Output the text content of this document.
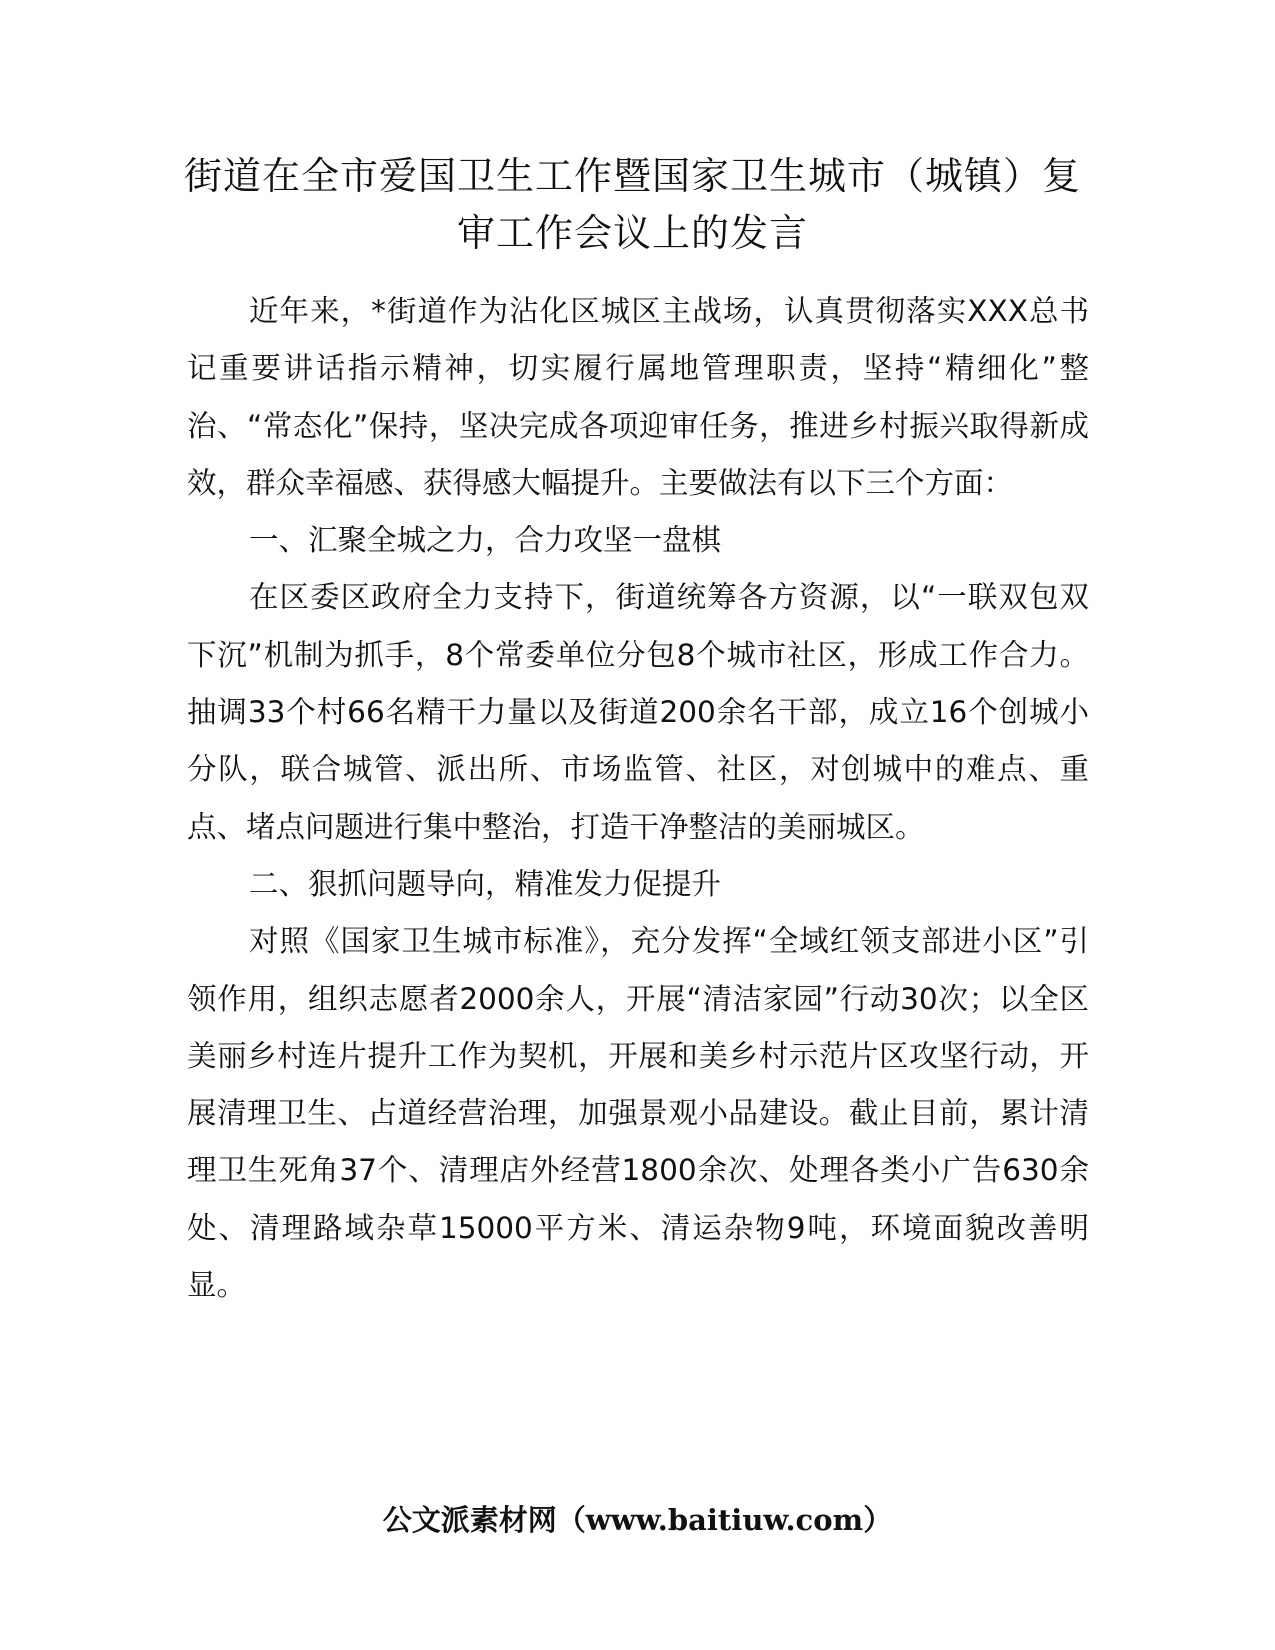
街道在全市爱国卫生工作暨国家卫生城市（城镇）复审工作会议上的发言

近年来，*街道作为沾化区城区主战场，认真贯彻落实XXX总书记重要讲话指示精神，切实履行属地管理职责，坚持“精细化”整治、“常态化”保持，坚决完成各项迎审任务，推进乡村振兴取得新成效，群众幸福感、获得感大幅提升。主要做法有以下三个方面：

一、汇聚全城之力，合力攻坚一盘棋

在区委区政府全力支持下，街道统筹各方资源，以“一联双包双下沉”机制为抓手，8个常委单位分包8个城市社区，形成工作合力。抽调33个村66名精干力量以及街道200余名干部，成立16个创城小分队，联合城管、派出所、市场监管、社区，对创城中的难点、重点、堵点问题进行集中整治，打造干净整洁的美丽城区。

二、狠抓问题导向，精准发力促提升

对照《国家卫生城市标准》，充分发挥“全域红领支部进小区”引领作用，组织志愿者2000余人，开展“清洁家园”行动30次；以全区美丽乡村连片提升工作为契机，开展和美乡村示范片区攻坚行动，开展清理卫生、占道经营治理，加强景观小品建设。截止目前，累计清理卫生死角37个、清理店外经营1800余次、处理各类小广告630余处、清理路域杂草15000平方米、清运杂物9吨，环境面貌改善明显。

公文派素材网（www.baitiuw.com）
